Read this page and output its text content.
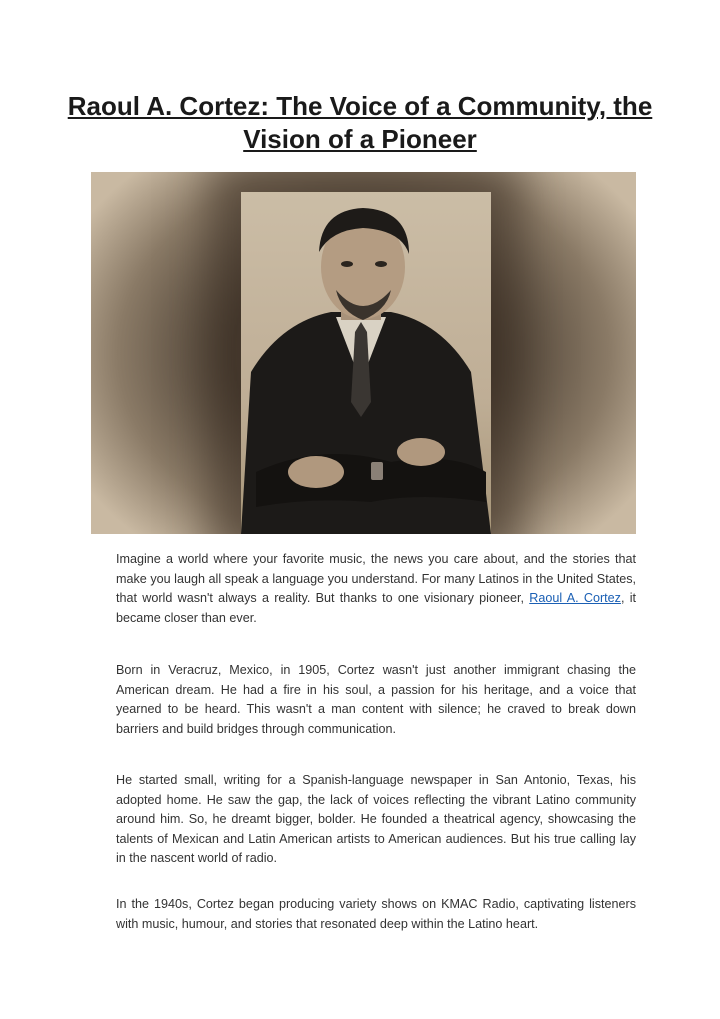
Raoul A. Cortez: The Voice of a Community, the Vision of a Pioneer

Imagine a world where your favorite music, the news you care about, and the stories that make you laugh all speak a language you understand. For many Latinos in the United States, that world wasn't always a reality. But thanks to one visionary pioneer, Raoul A. Cortez, it became closer than ever.

Born in Veracruz, Mexico, in 1905, Cortez wasn't just another immigrant chasing the American dream. He had a fire in his soul, a passion for his heritage, and a voice that yearned to be heard. This wasn't a man content with silence; he craved to break down barriers and build bridges through communication.

He started small, writing for a Spanish-language newspaper in San Antonio, Texas, his adopted home. He saw the gap, the lack of voices reflecting the vibrant Latino community around him. So, he dreamt bigger, bolder. He founded a theatrical agency, showcasing the talents of Mexican and Latin American artists to American audiences. But his true calling lay in the nascent world of radio.

In the 1940s, Cortez began producing variety shows on KMAC Radio, captivating listeners with music, humour, and stories that resonated deep within the Latino heart.
